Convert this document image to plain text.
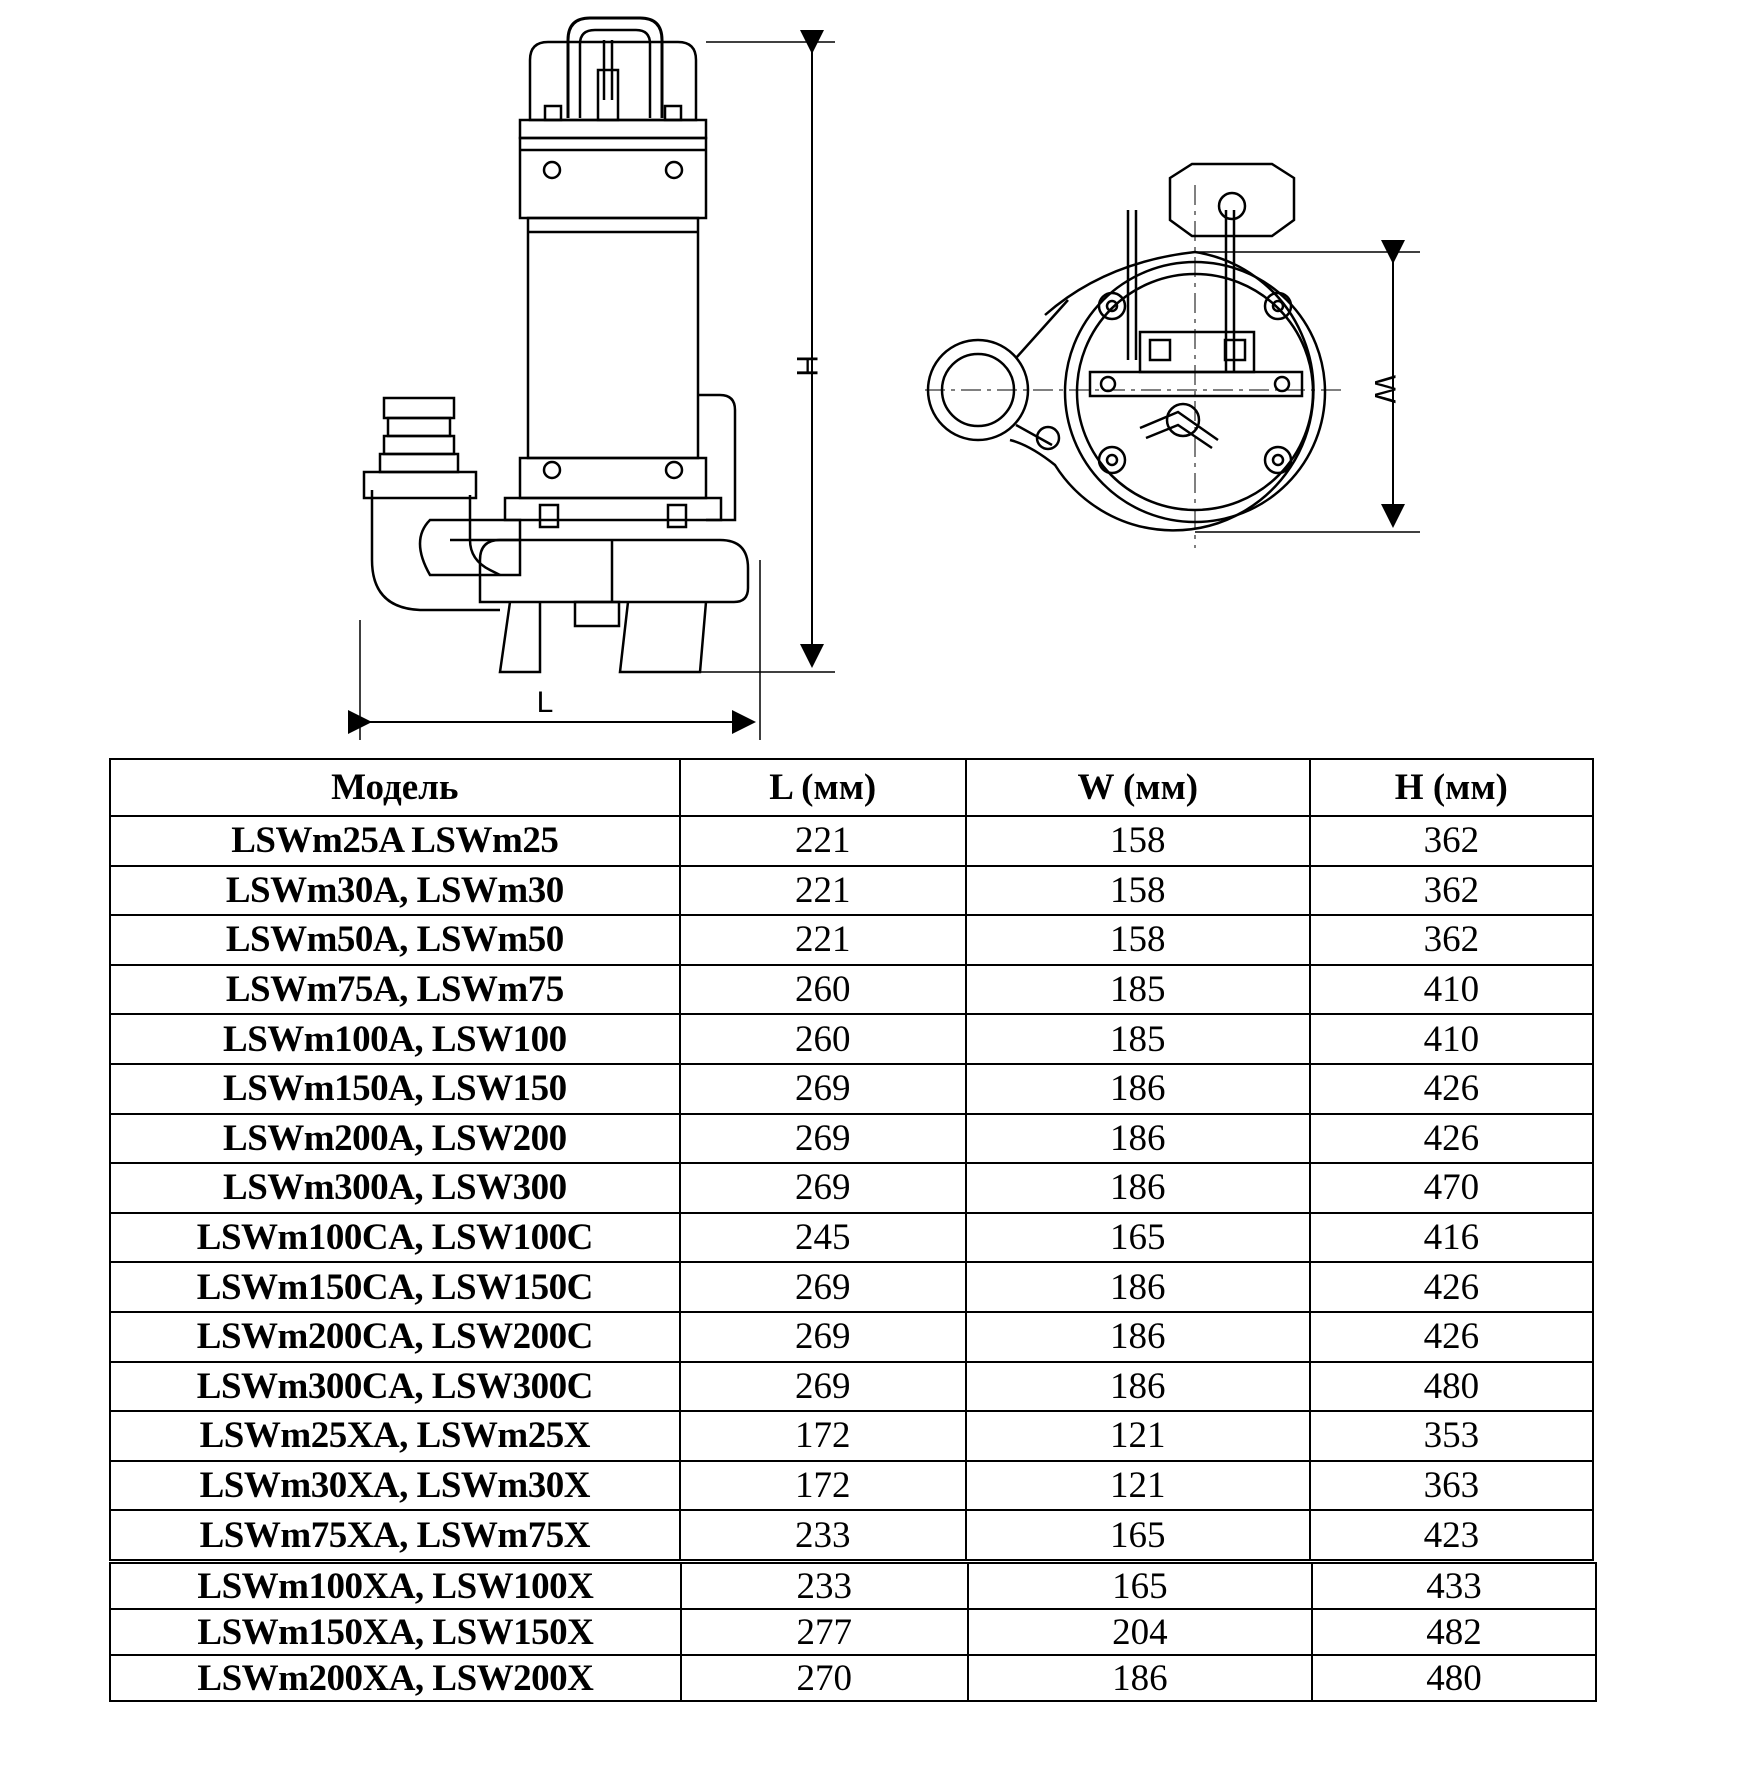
H
L
W
Модель	L (мм)	W (мм)	H (мм)
LSWm25A LSWm25	221	158	362
LSWm30A, LSWm30	221	158	362
LSWm50A, LSWm50	221	158	362
LSWm75A, LSWm75	260	185	410
LSWm100A, LSW100	260	185	410
LSWm150A, LSW150	269	186	426
LSWm200A, LSW200	269	186	426
LSWm300A, LSW300	269	186	470
LSWm100CA, LSW100C	245	165	416
LSWm150CA, LSW150C	269	186	426
LSWm200CA, LSW200C	269	186	426
LSWm300CA, LSW300C	269	186	480
LSWm25XA, LSWm25X	172	121	353
LSWm30XA, LSWm30X	172	121	363
LSWm75XA, LSWm75X	233	165	423
LSWm100XA, LSW100X	233	165	433
LSWm150XA, LSW150X	277	204	482
LSWm200XA, LSW200X	270	186	480
